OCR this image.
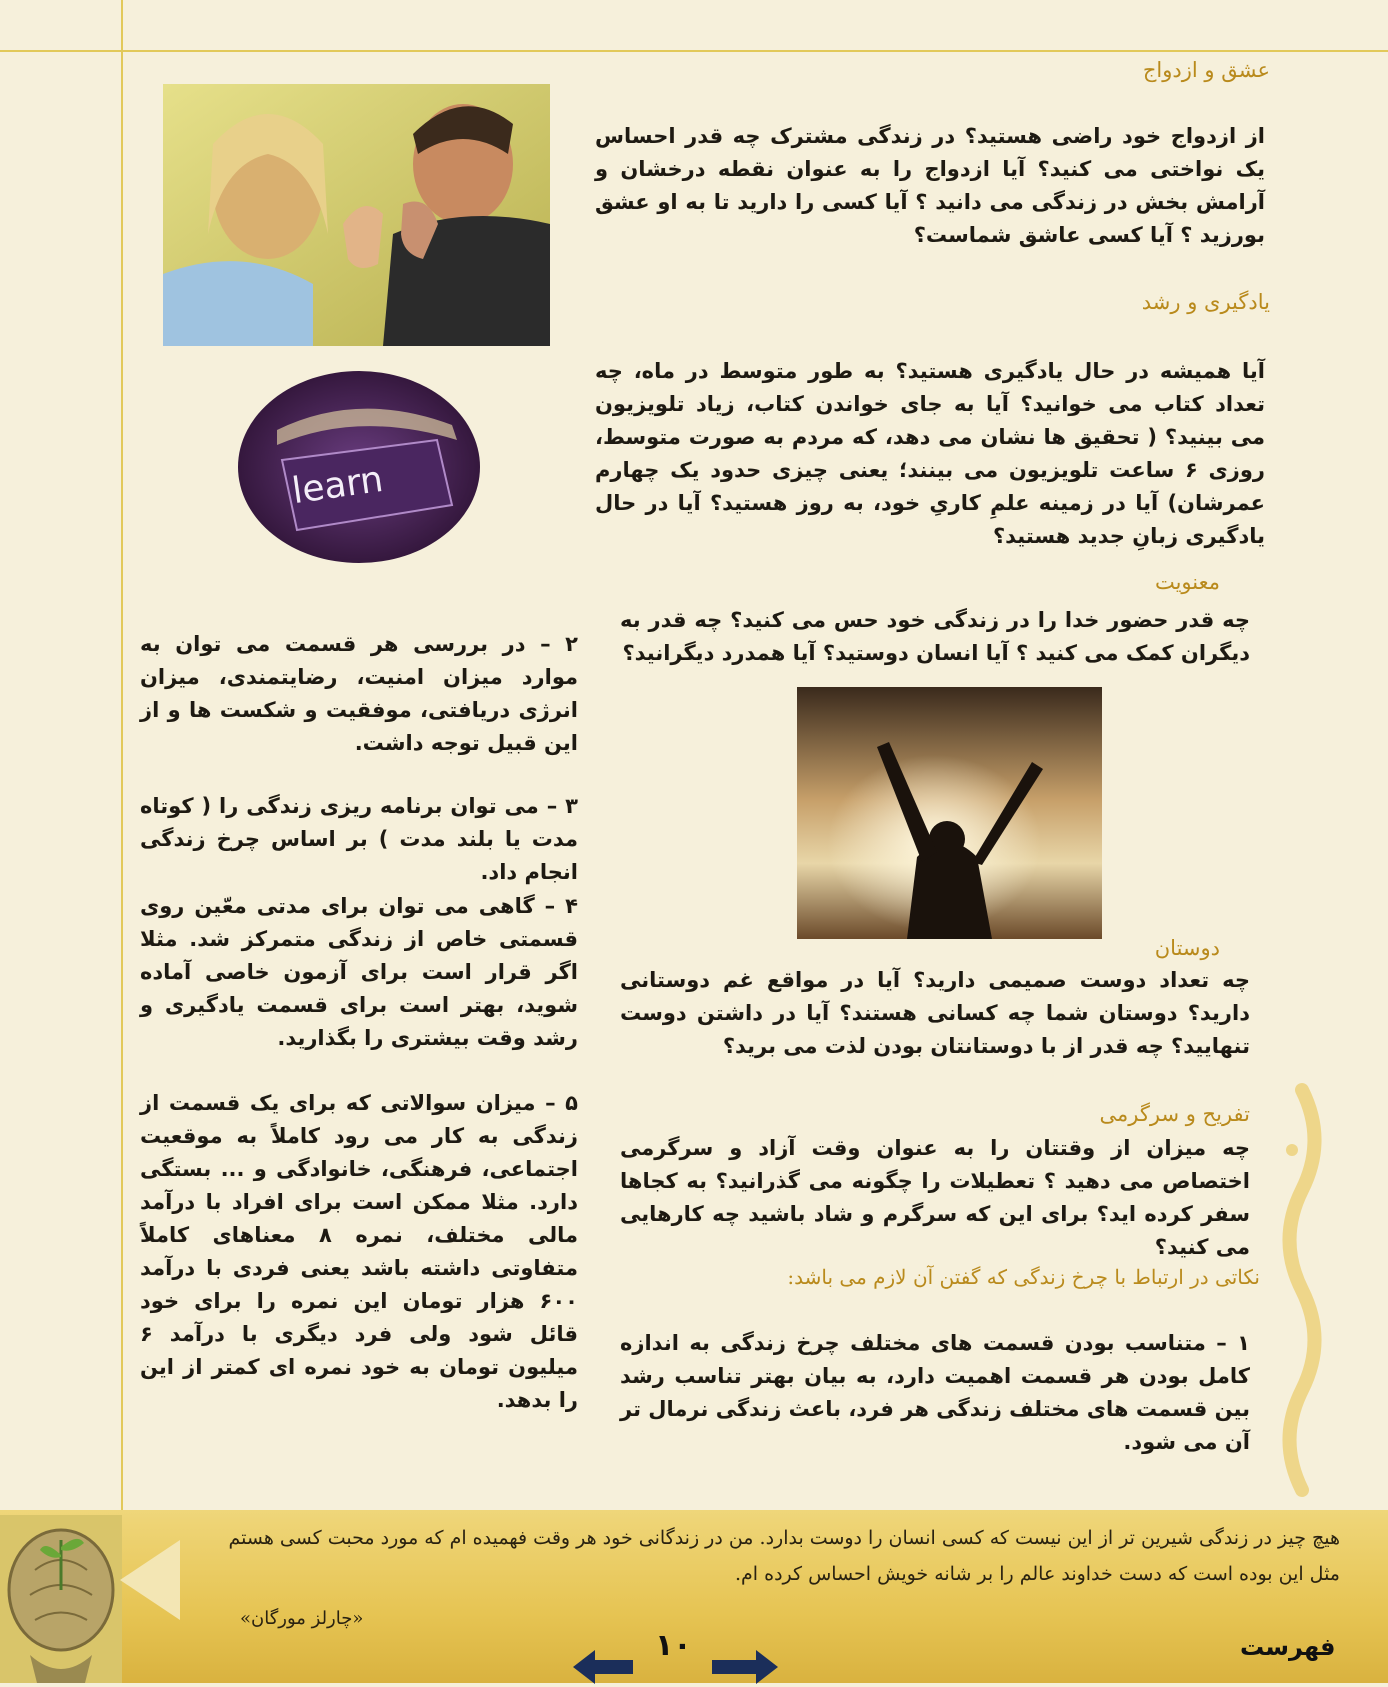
عشق و ازدواج
از ازدواج خود راضی هستید؟ در زندگی مشترک چه قدر احساس یک نواختی می کنید؟ آیا ازدواج را به عنوان نقطه درخشان و آرامش بخش در زندگی می دانید ؟ آیا کسی را دارید تا به او عشق بورزید ؟ آیا کسی عاشق شماست؟
یادگیری و رشد
آیا همیشه در حال یادگیری هستید؟ به طور متوسط در ماه، چه تعداد کتاب می خوانید؟ آیا به جای خواندن کتاب، زیاد تلویزیون می بینید؟ ( تحقیق ها نشان می دهد، که مردم به صورت متوسط، روزی ۶ ساعت تلویزیون می بینند؛ یعنی چیزی حدود یک چهارم عمرشان) آیا در زمینه علمِ کاریِ خود، به روز هستید؟ آیا در حال یادگیری زبانِ جدید هستید؟
معنویت
چه قدر حضور خدا را در زندگی خود حس می کنید؟ چه قدر به دیگران کمک می کنید ؟ آیا انسان دوستید؟ آیا همدرد دیگرانید؟
دوستان
چه تعداد دوست صمیمی دارید؟ آیا در مواقع غم دوستانی دارید؟ دوستان شما چه کسانی هستند؟ آیا در داشتن دوست تنهایید؟ چه قدر از با دوستانتان بودن لذت می برید؟
تفریح و سرگرمی
چه میزان از وقتتان را به عنوان وقت آزاد و سرگرمی اختصاص می دهید ؟ تعطیلات را چگونه می گذرانید؟ به کجاها سفر کرده اید؟ برای این که سرگرم و شاد باشید چه کارهایی می کنید؟
نکاتی در ارتباط با چرخ زندگی که گفتن آن لازم می باشد:
۱ – متناسب بودن قسمت های مختلف چرخ زندگی به اندازه کامل بودن هر قسمت اهمیت دارد، به بیان بهتر تناسب رشد بین قسمت های مختلف زندگی هر فرد، باعث زندگی نرمال تر آن می شود.
۲ – در بررسی هر قسمت می توان به موارد میزان امنیت، رضایتمندی، میزان انرژی دریافتی، موفقیت و شکست ها و از این قبیل توجه داشت.
۳ – می توان برنامه ریزی زندگی را ( کوتاه مدت یا بلند مدت ) بر اساس چرخ زندگی انجام داد.
۴ – گاهی می توان برای مدتی معّین روی قسمتی خاص از زندگی متمرکز شد. مثلا اگر قرار است برای آزمون خاصی آماده شوید، بهتر است برای قسمت یادگیری و رشد وقت بیشتری را بگذارید.
۵ – میزان سوالاتی که برای یک قسمت از زندگی به کار می رود کاملاً به موقعیت اجتماعی، فرهنگی، خانوادگی و ... بستگی دارد. مثلا ممکن است برای افراد با درآمد مالی مختلف، نمره ۸ معناهای کاملاً متفاوتی داشته باشد یعنی فردی با درآمد ۶۰۰ هزار تومان این نمره را برای خود قائل شود ولی فرد دیگری با درآمد ۶ میلیون تومان به خود نمره ای کمتر از این را بدهد.
learn
هیچ چیز در زندگی شیرین تر از این نیست که کسی انسان را دوست بدارد. من در زندگانی خود هر وقت فهمیده ام که مورد محبت کسی هستم مثل این بوده است که دست خداوند عالم را بر شانه خویش احساس کرده ام.
«چارلز مورگان»
فهرست
۱۰
